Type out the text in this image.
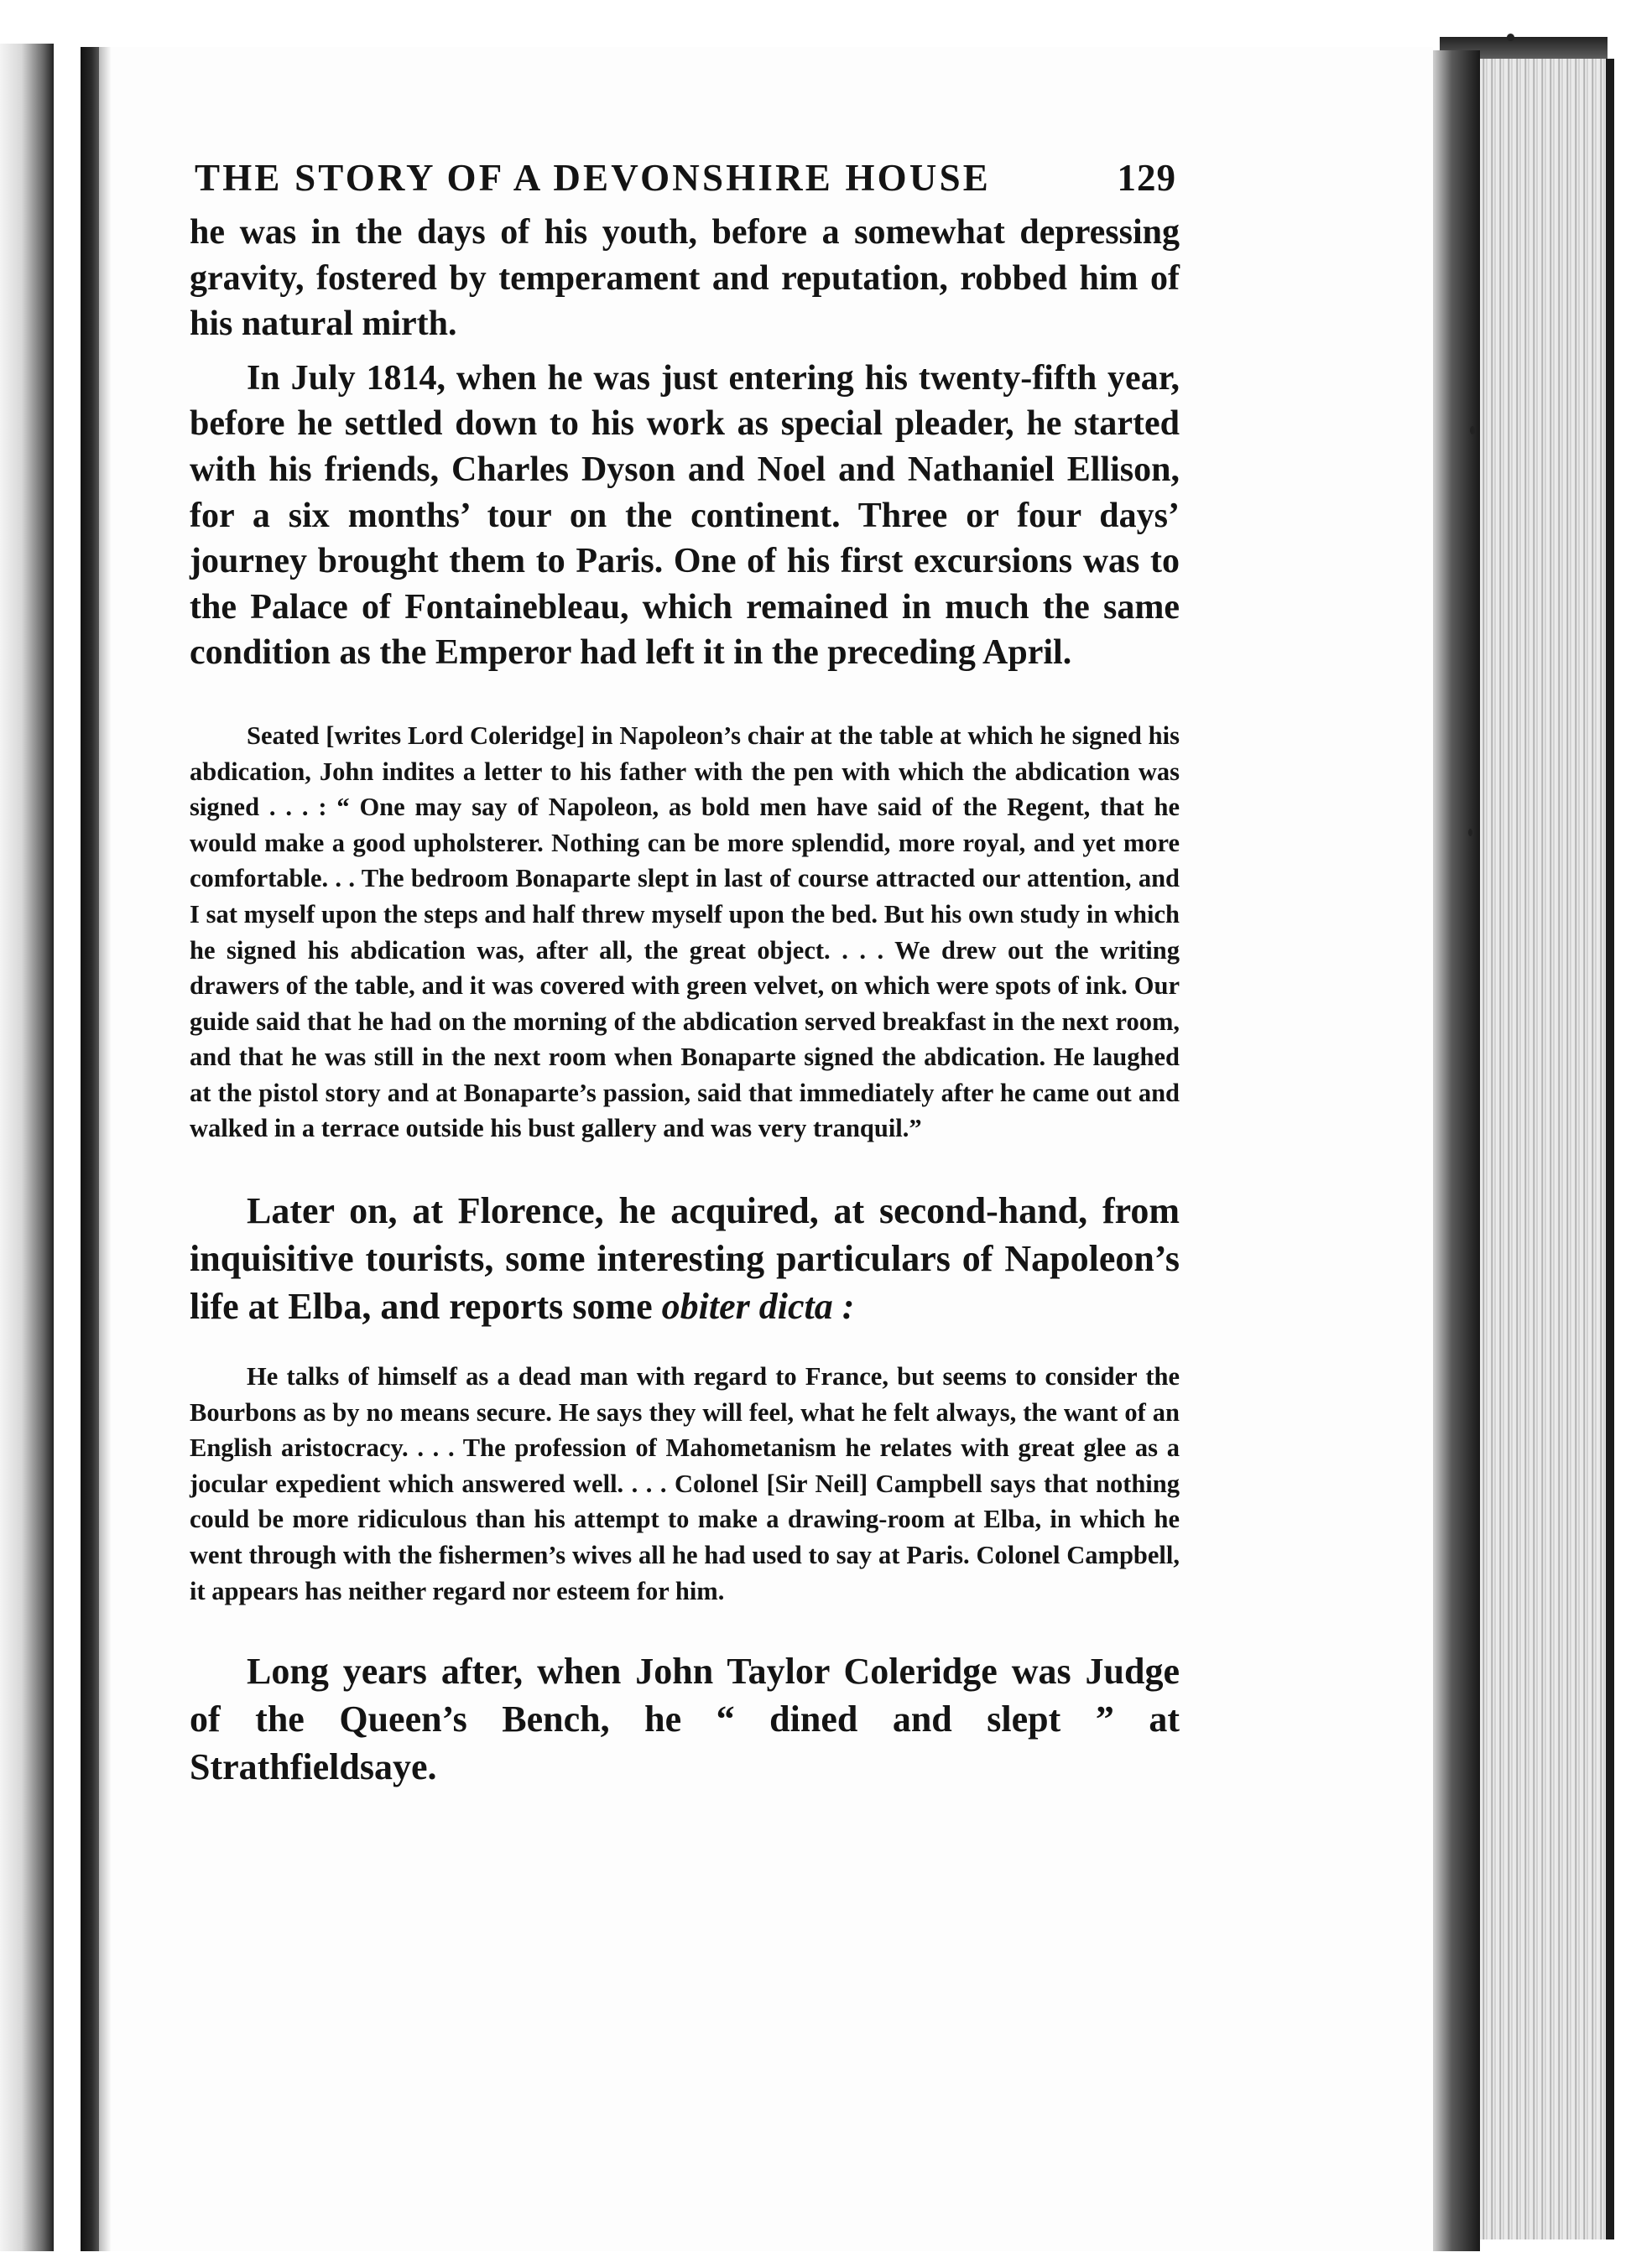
THE STORY OF A DEVONSHIRE HOUSE	129

he was in the days of his youth, before a somewhat depressing gravity, fostered by temperament and reputation, robbed him of his natural mirth.

In July 1814, when he was just entering his twenty-fifth year, before he settled down to his work as special pleader, he started with his friends, Charles Dyson and Noel and Nathaniel Ellison, for a six months’ tour on the continent. Three or four days’ journey brought them to Paris. One of his first excursions was to the Palace of Fontainebleau, which remained in much the same condition as the Emperor had left it in the preceding April.

Seated [writes Lord Coleridge] in Napoleon’s chair at the table at which he signed his abdication, John indites a letter to his father with the pen with which the abdication was signed . . . : “ One may say of Napoleon, as bold men have said of the Regent, that he would make a good upholsterer. Nothing can be more splendid, more royal, and yet more comfortable. . . The bedroom Bonaparte slept in last of course attracted our attention, and I sat myself upon the steps and half threw myself upon the bed. But his own study in which he signed his abdication was, after all, the great object. . . . We drew out the writing drawers of the table, and it was covered with green velvet, on which were spots of ink. Our guide said that he had on the morning of the abdication served breakfast in the next room, and that he was still in the next room when Bonaparte signed the abdication. He laughed at the pistol story and at Bonaparte’s passion, said that immediately after he came out and walked in a terrace outside his bust gallery and was very tranquil.”

Later on, at Florence, he acquired, at second-hand, from inquisitive tourists, some interesting particulars of Napoleon’s life at Elba, and reports some obiter dicta :

He talks of himself as a dead man with regard to France, but seems to consider the Bourbons as by no means secure. He says they will feel, what he felt always, the want of an English aristocracy. . . . The profession of Mahometanism he relates with great glee as a jocular expedient which answered well. . . . Colonel [Sir Neil] Campbell says that nothing could be more ridiculous than his attempt to make a drawing-room at Elba, in which he went through with the fishermen’s wives all he had used to say at Paris. Colonel Campbell, it appears has neither regard nor esteem for him.

Long years after, when John Taylor Coleridge was Judge of the Queen’s Bench, he “ dined and slept ” at Strathfieldsaye.
